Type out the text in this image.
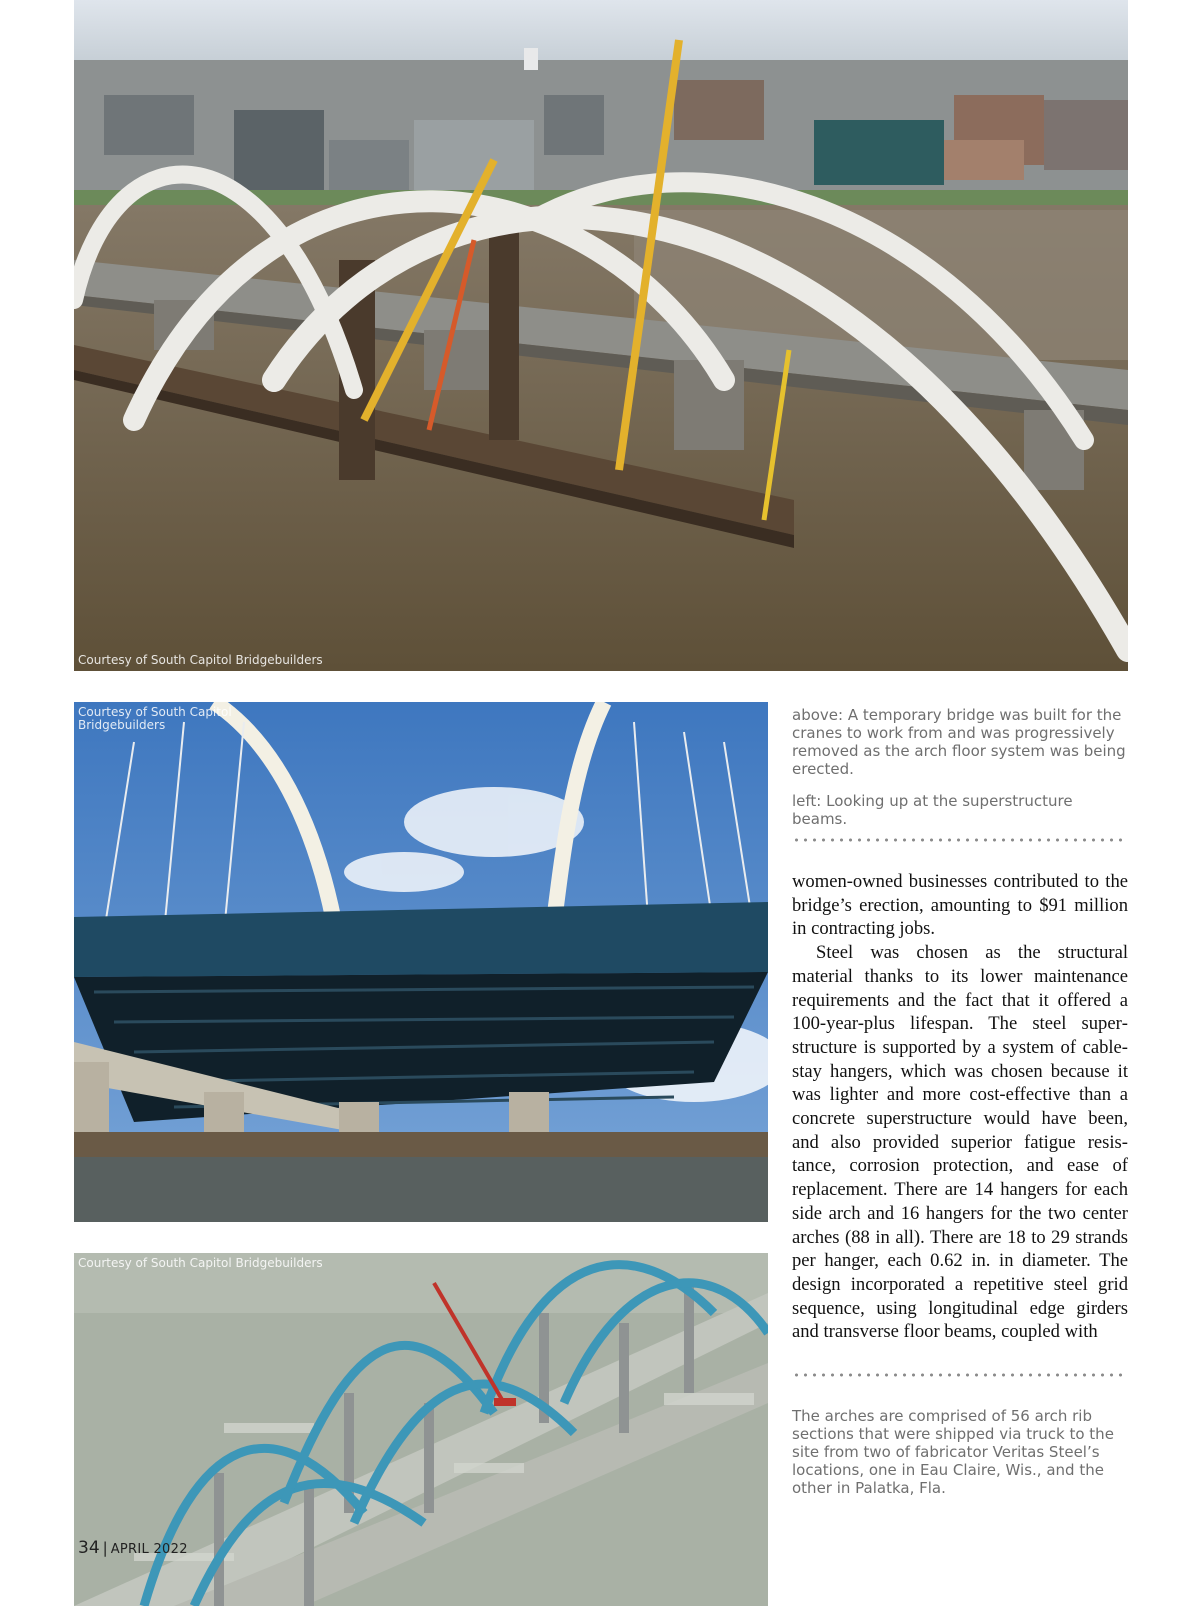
Courtesy of South Capitol Bridgebuilders
Courtesy of South Capitol Bridgebuilders
Courtesy of South Capitol Bridgebuilders

above: A temporary bridge was built for the cranes to work from and was progressively removed as the arch floor system was being erected.

left: Looking up at the superstructure beams.

women-owned businesses contributed to the bridge’s erection, amounting to $91 million in contracting jobs.

Steel was chosen as the structural material thanks to its lower maintenance requirements and the fact that it offered a 100-year-plus lifespan. The steel superstructure is supported by a system of cable-stay hangers, which was chosen because it was lighter and more cost-effective than a concrete superstructure would have been, and also provided superior fatigue resistance, corrosion protection, and ease of replacement. There are 14 hangers for each side arch and 16 hangers for the two center arches (88 in all). There are 18 to 29 strands per hanger, each 0.62 in. in diameter. The design incorporated a repetitive steel grid sequence, using longitudinal edge girders and transverse floor beams, coupled with

The arches are comprised of 56 arch rib sections that were shipped via truck to the site from two of fabricator Veritas Steel’s locations, one in Eau Claire, Wis., and the other in Palatka, Fla.

34 | APRIL 2022
